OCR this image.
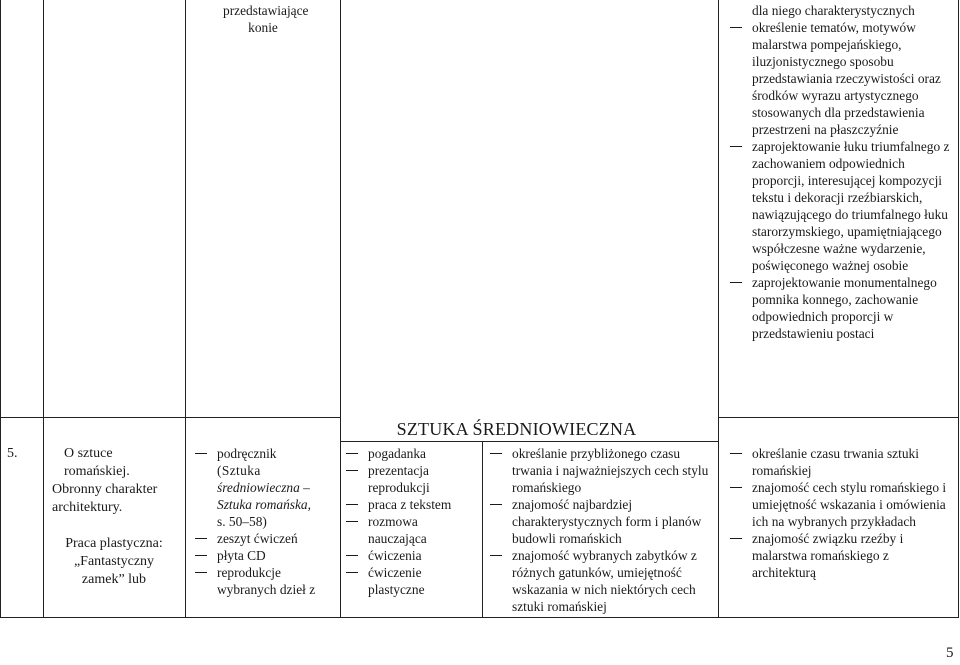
przedstawiające konie
dla niego charakterystycznych
określenie tematów, motywów malarstwa pompejańskiego, iluzjonistycznego sposobu przedstawiania rzeczywistości oraz środków wyrazu artystycznego stosowanych dla przedstawienia przestrzeni na płaszczyźnie
zaprojektowanie łuku triumfalnego z zachowaniem odpowiednich proporcji, interesującej kompozycji tekstu i dekoracji rzeźbiarskich, nawiązującego do triumfalnego łuku starorzymskiego, upamiętniającego współczesne ważne wydarzenie, poświęconego ważnej osobie
zaprojektowanie monumentalnego pomnika konnego, zachowanie odpowiednich proporcji w przedstawieniu postaci
SZTUKA ŚREDNIOWIECZNA
5.	O sztuce romańskiej.
Obronny charakter architektury.
Praca plastyczna: „Fantastyczny zamek” lub
podręcznik
(Sztuka
średniowieczna –
Sztuka romańska,
s. 50–58)
zeszyt ćwiczeń
płyta CD
reprodukcje wybranych dzieł z
pogadanka
prezentacja reprodukcji
praca z tekstem
rozmowa nauczająca
ćwiczenia
ćwiczenie plastyczne
określanie przybliżonego czasu trwania i najważniejszych cech stylu romańskiego
znajomość najbardziej charakterystycznych form i planów budowli romańskich
znajomość wybranych zabytków z różnych gatunków, umiejętność wskazania w nich niektórych cech sztuki romańskiej
określanie czasu trwania sztuki romańskiej
znajomość cech stylu romańskiego i umiejętność wskazania i omówienia ich na wybranych przykładach
znajomość związku rzeźby i malarstwa romańskiego z architekturą
5
